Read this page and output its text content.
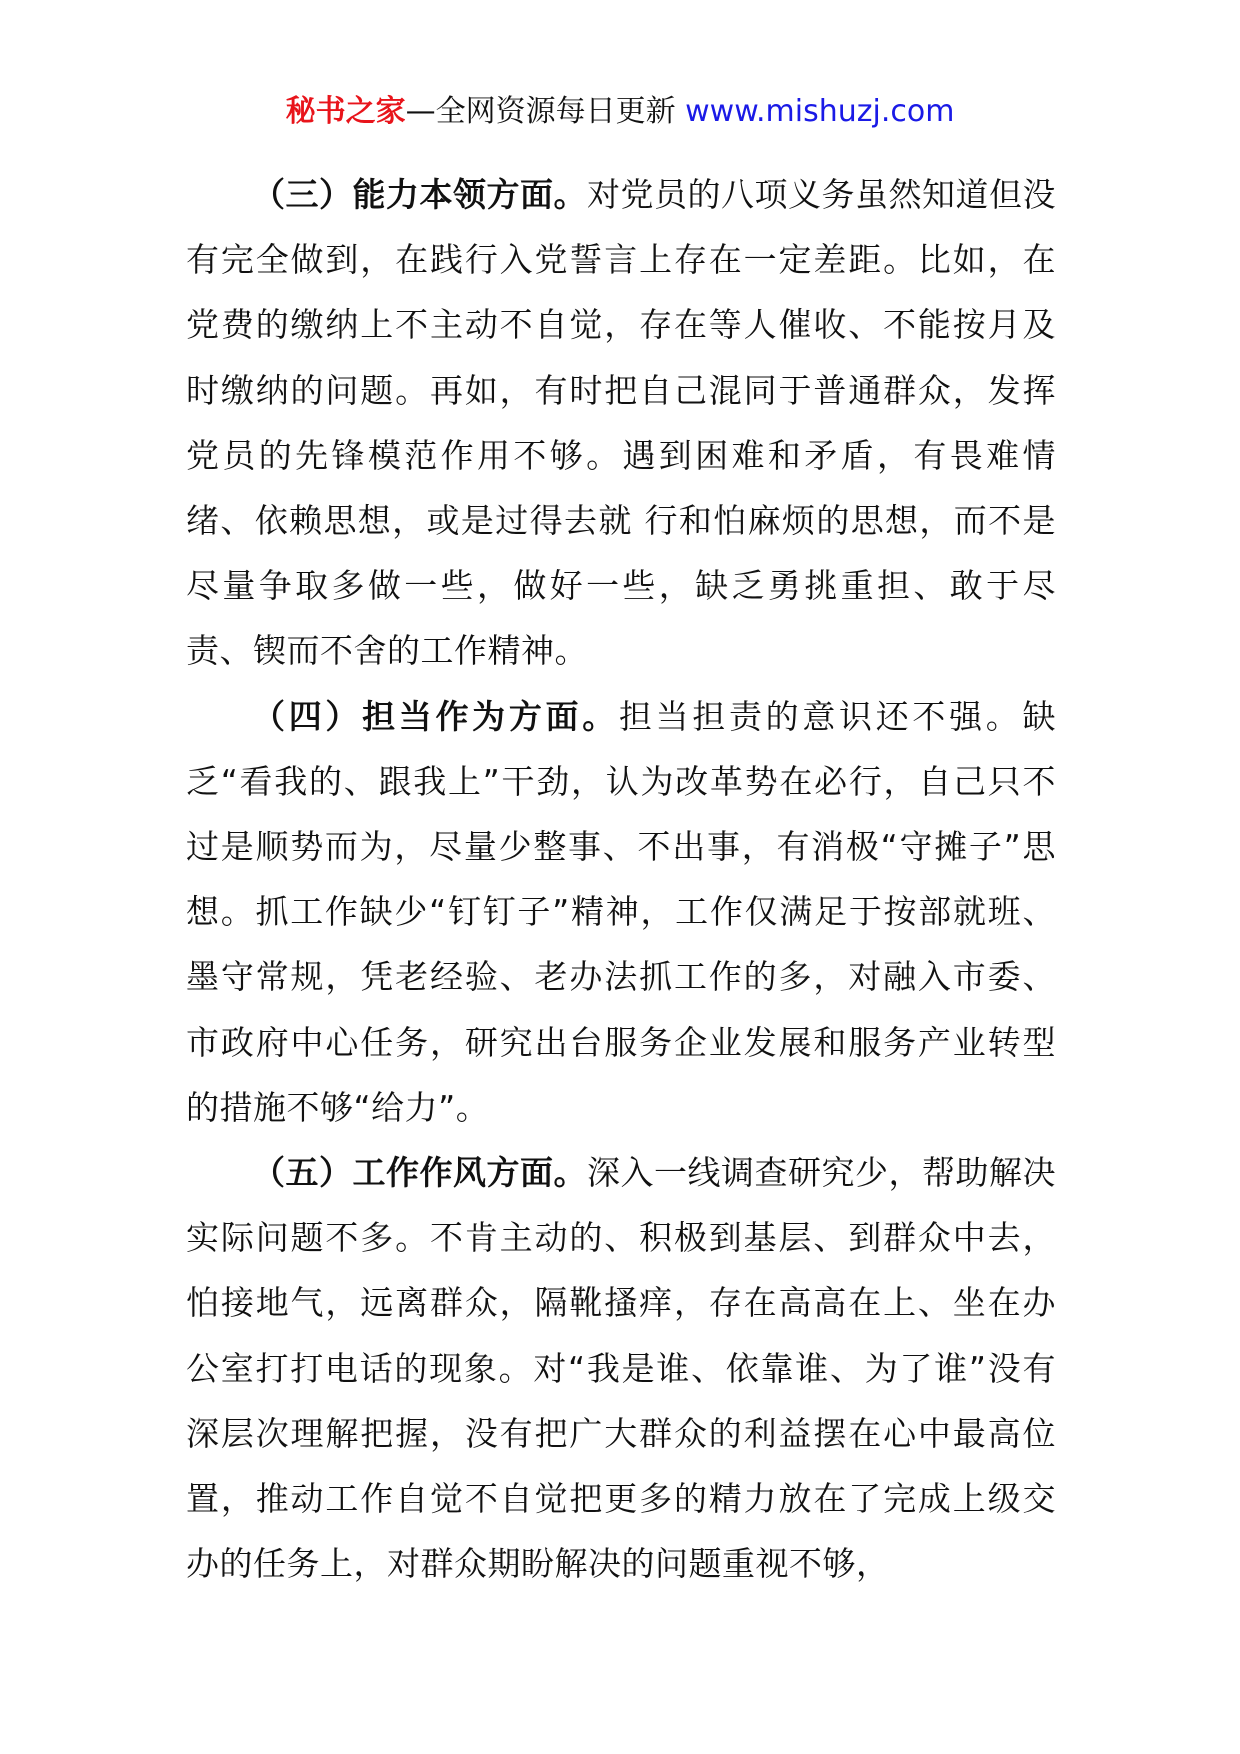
秘书之家—全网资源每日更新 www.mishuzj.com

（三）能力本领方面。对党员的八项义务虽然知道但没有完全做到，在践行入党誓言上存在一定差距。比如，在党费的缴纳上不主动不自觉，存在等人催收、不能按月及时缴纳的问题。再如，有时把自己混同于普通群众，发挥党员的先锋模范作用不够。遇到困难和矛盾，有畏难情绪、依赖思想，或是过得去就 行和怕麻烦的思想，而不是尽量争取多做一些，做好一些，缺乏勇挑重担、敢于尽责、锲而不舍的工作精神。

（四）担当作为方面。担当担责的意识还不强。缺乏“看我的、跟我上”干劲，认为改革势在必行，自己只不过是顺势而为，尽量少整事、不出事，有消极“守摊子”思想。抓工作缺少“钉钉子”精神，工作仅满足于按部就班、墨守常规，凭老经验、老办法抓工作的多，对融入市委、市政府中心任务，研究出台服务企业发展和服务产业转型的措施不够“给力”。

（五）工作作风方面。深入一线调查研究少，帮助解决实际问题不多。不肯主动的、积极到基层、到群众中去，怕接地气，远离群众，隔靴搔痒，存在高高在上、坐在办公室打打电话的现象。对“我是谁、依靠谁、为了谁”没有深层次理解把握，没有把广大群众的利益摆在心中最高位置，推动工作自觉不自觉把更多的精力放在了完成上级交办的任务上，对群众期盼解决的问题重视不够，
